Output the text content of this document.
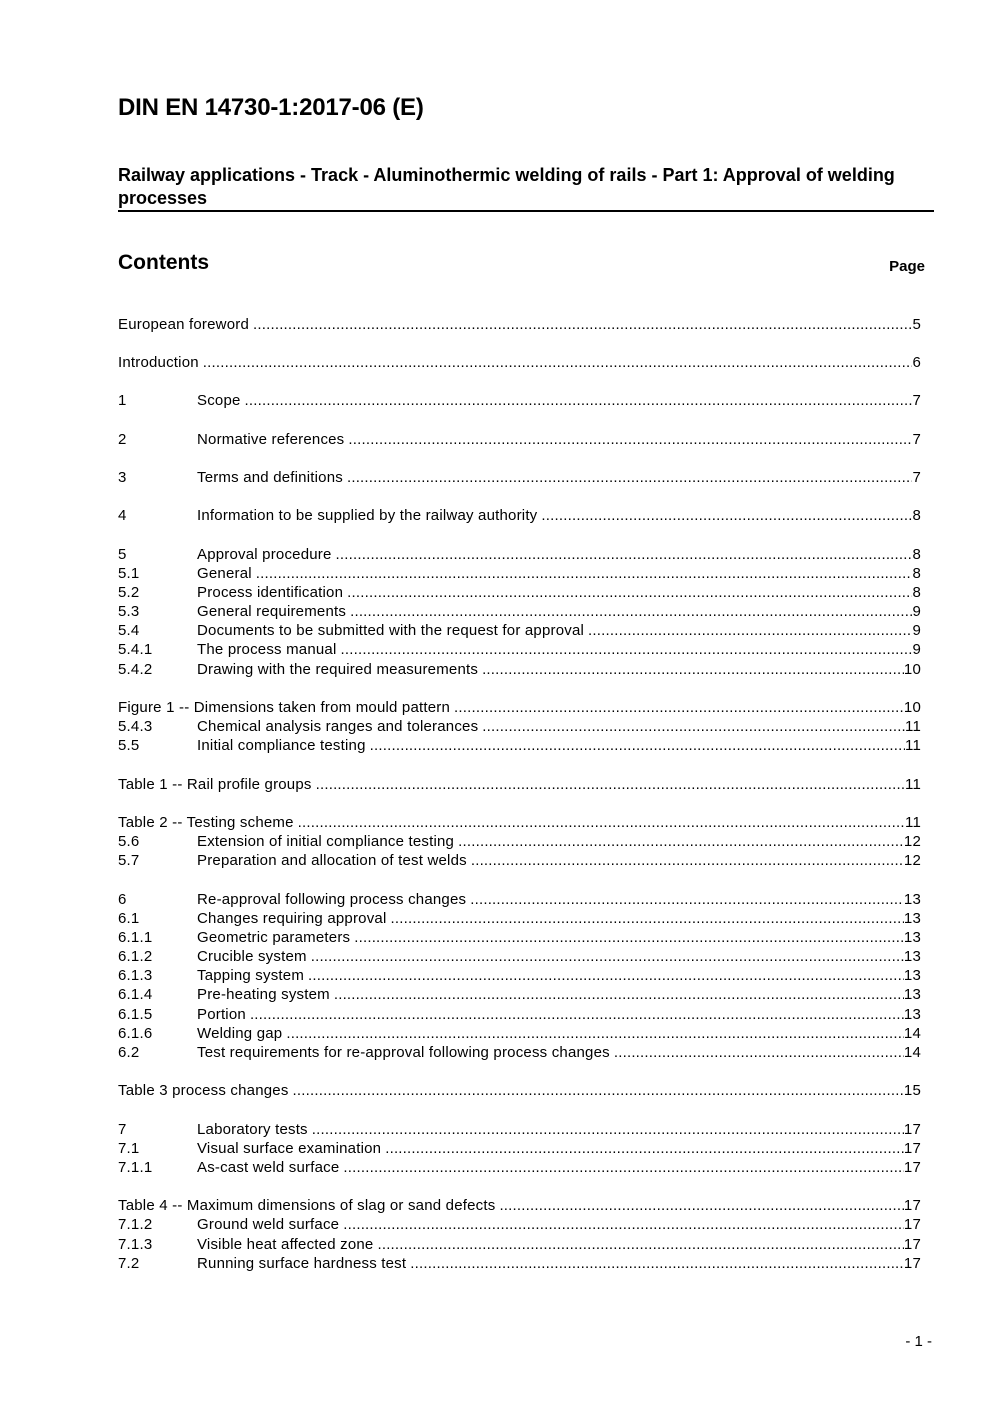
DIN EN 14730-1:2017-06 (E)
Railway applications - Track - Aluminothermic welding of rails - Part 1: Approval of welding processes
Contents	Page
European foreword .....	5
Introduction .....	6
1	Scope .....	7
2	Normative references .....	7
3	Terms and definitions .....	7
4	Information to be supplied by the railway authority .....	8
5	Approval procedure .....	8
5.1	General .....	8
5.2	Process identification .....	8
5.3	General requirements .....	9
5.4	Documents to be submitted with the request for approval .....	9
5.4.1	The process manual .....	9
5.4.2	Drawing with the required measurements .....	10
Figure 1 -- Dimensions taken from mould pattern .....	10
5.4.3	Chemical analysis ranges and tolerances .....	11
5.5	Initial compliance testing .....	11
Table 1 -- Rail profile groups .....	11
Table 2 -- Testing scheme .....	11
5.6	Extension of initial compliance testing .....	12
5.7	Preparation and allocation of test welds .....	12
6	Re-approval following process changes .....	13
6.1	Changes requiring approval .....	13
6.1.1	Geometric parameters .....	13
6.1.2	Crucible system .....	13
6.1.3	Tapping system .....	13
6.1.4	Pre-heating system .....	13
6.1.5	Portion .....	13
6.1.6	Welding gap .....	14
6.2	Test requirements for re-approval following process changes .....	14
Table 3 process changes .....	15
7	Laboratory tests .....	17
7.1	Visual surface examination .....	17
7.1.1	As-cast weld surface .....	17
Table 4 -- Maximum dimensions of slag or sand defects .....	17
7.1.2	Ground weld surface .....	17
7.1.3	Visible heat affected zone .....	17
7.2	Running surface hardness test .....	17
- 1 -
